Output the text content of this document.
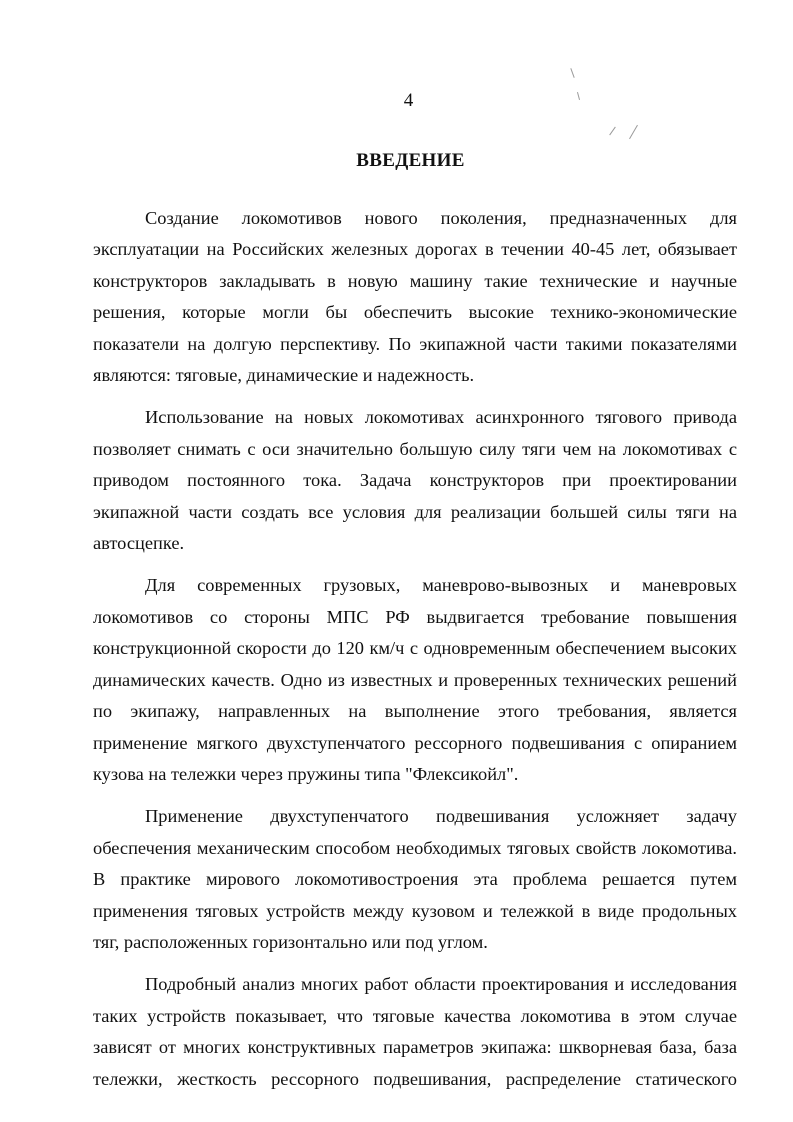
4
ВВЕДЕНИЕ

Создание локомотивов нового поколения, предназначенных для эксплуатации на Российских железных дорогах в течении 40-45 лет, обязывает конструкторов закладывать в новую машину такие технические и научные решения, которые могли бы обеспечить высокие технико-экономические показатели на долгую перспективу. По экипажной части такими показателями являются: тяговые, динамические и надежность.

Использование на новых локомотивах асинхронного тягового привода позволяет снимать с оси значительно большую силу тяги чем на локомотивах с приводом постоянного тока. Задача конструкторов при проектировании экипажной части создать все условия для реализации большей силы тяги на автосцепке.

Для современных грузовых, маневрово-вывозных и маневровых локомотивов со стороны МПС РФ выдвигается требование повышения конструкционной скорости до 120 км/ч с одновременным обеспечением высоких динамических качеств. Одно из известных и проверенных технических решений по экипажу, направленных на выполнение этого требования, является применение мягкого двухступенчатого рессорного подвешивания с опиранием кузова на тележки через пружины типа "Флексикойл".

Применение двухступенчатого подвешивания усложняет задачу обеспечения механическим способом необходимых тяговых свойств локомотива. В практике мирового локомотивостроения эта проблема решается путем применения тяговых устройств между кузовом и тележкой в виде продольных тяг, расположенных горизонтально или под углом.

Подробный анализ многих работ области проектирования и исследования таких устройств показывает, что тяговые качества локомотива в этом случае зависят от многих конструктивных параметров экипажа: шкворневая база, база тележки, жесткость рессорного подвешивания, распределение статического
